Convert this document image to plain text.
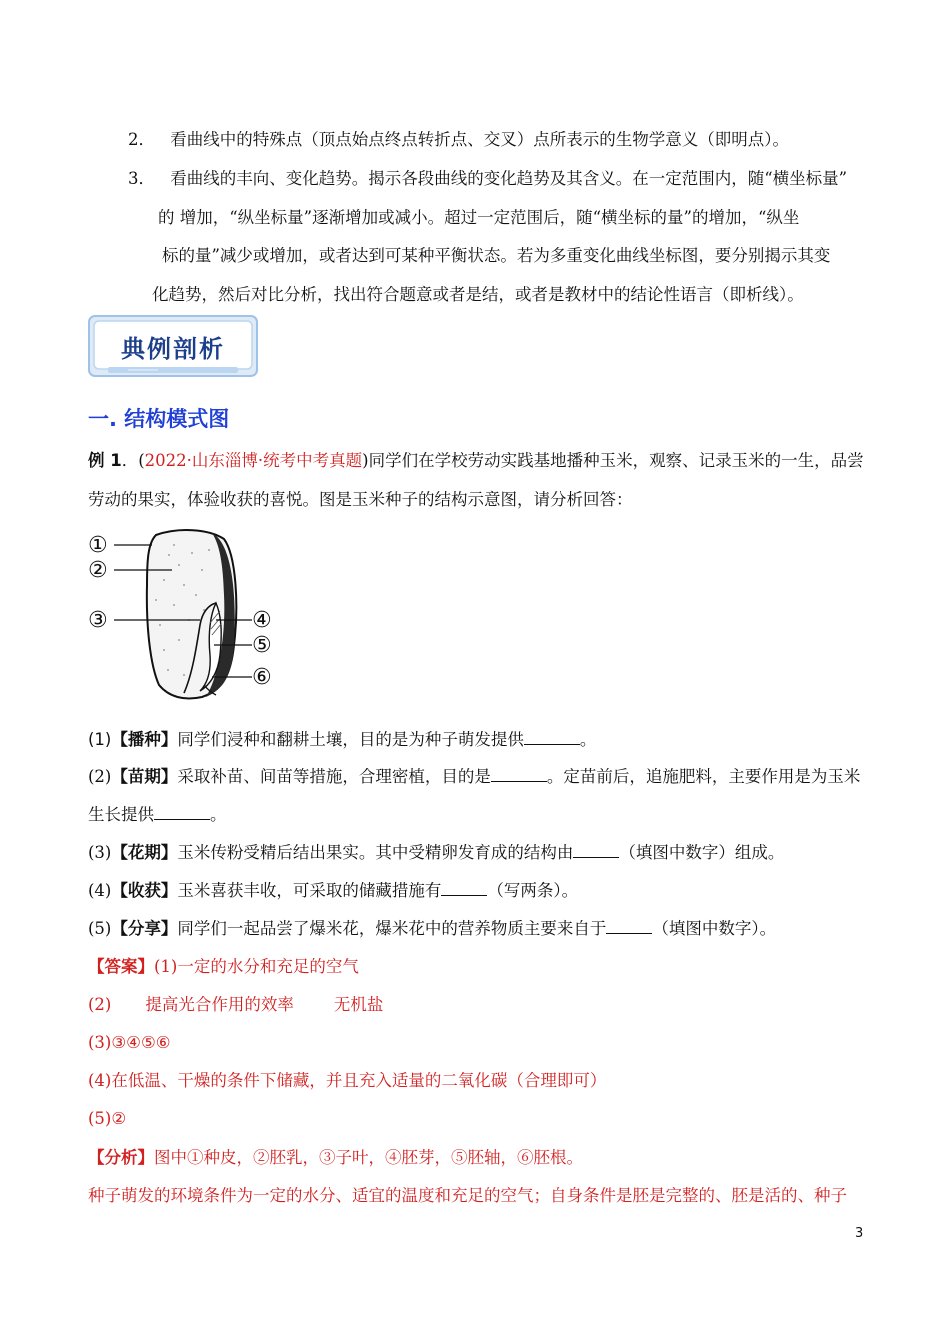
2． 看曲线中的特殊点（顶点始点终点转折点、交叉）点所表示的生物学意义（即明点）。
3． 看曲线的丰向、变化趋势。揭示各段曲线的变化趋势及其含义。在一定范围内，随“横坐标量”
的 增加，“纵坐标量”逐渐增加或减小。超过一定范围后，随“横坐标的量”的增加，“纵坐
标的量”减少或增加，或者达到可某种平衡状态。若为多重变化曲线坐标图，要分别揭示其变
化趋势，然后对比分析，找出符合题意或者是结，或者是教材中的结论性语言（即析线）。
典例剖析
一. 结构模式图
例 1．(2022·山东淄博·统考中考真题)同学们在学校劳动实践基地播种玉米，观察、记录玉米的一生，品尝
劳动的果实，体验收获的喜悦。图是玉米种子的结构示意图，请分析回答：
①
②
③	④
⑤
⑥
(1)【播种】同学们浸种和翻耕土壤，目的是为种子萌发提供	。
(2)【苗期】采取补苗、间苗等措施，合理密植，目的是	。定苗前后，追施肥料，主要作用是为玉米
生长提供	。
(3)【花期】玉米传粉受精后结出果实。其中受精卵发育成的结构由	（填图中数字）组成。
(4)【收获】玉米喜获丰收，可采取的储藏措施有	（写两条）。
(5)【分享】同学们一起品尝了爆米花，爆米花中的营养物质主要来自于	（填图中数字）。
【答案】(1)一定的水分和充足的空气
(2) 提高光合作用的效率 无机盐
(3)③④⑤⑥
(4)在低温、干燥的条件下储藏，并且充入适量的二氧化碳（合理即可）
(5)②
【分析】图中①种皮，②胚乳，③子叶，④胚芽，⑤胚轴，⑥胚根。
种子萌发的环境条件为一定的水分、适宜的温度和充足的空气；自身条件是胚是完整的、胚是活的、种子
3
